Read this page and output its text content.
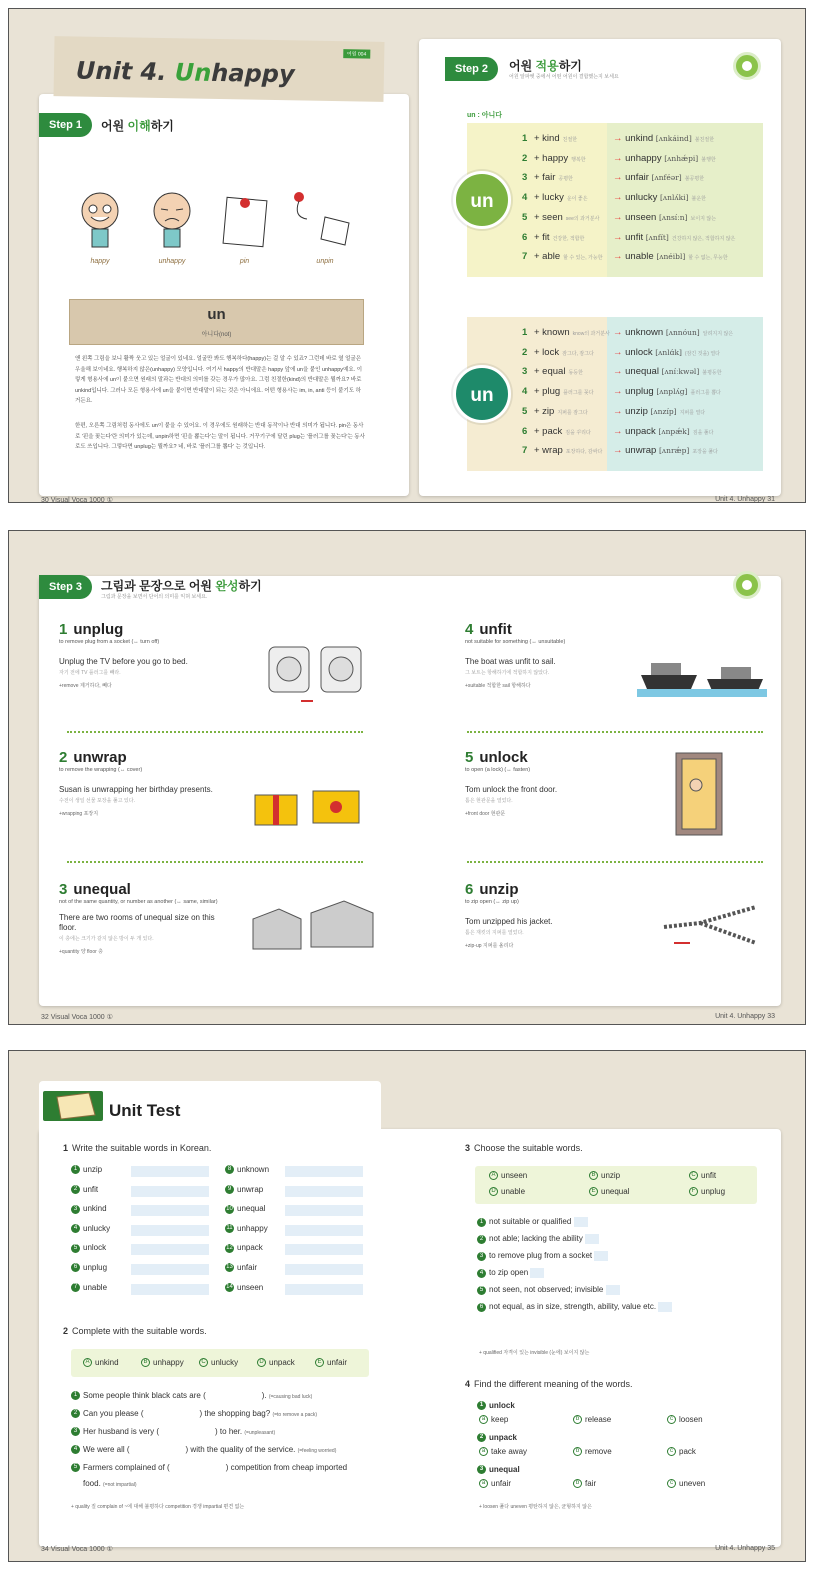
Unit 4. Unhappy
어원 004
Step 1	어원 이해하기
happy	unhappy	pin	unpin
un
아니다(not)
앤 왼쪽 그림을 보니 활짝 웃고 있는 얼굴이 있네요. 얼굴만 봐도 행복하다(happy)는 걸 알 수 있죠? 그런데 바로 옆 얼굴은 우울해 보이네요. 행복하지 않은(unhappy) 모양입니다. 여기서 happy의 반대말은 happy 앞에 un을 붙인 unhappy예요. 이렇게 형용사에 un이 붙으면 원래의 말과는 반대의 의미를 갖는 경우가 많아요. 그럼 친절한(kind)의 반대말은 뭘까요? 바로 unkind입니다. 그러나 모든 형용사에 un을 붙이면 반대말이 되는 것은 아니에요. 어떤 형용사는 im, in, anti 등이 붙기도 하거든요.
한편, 오른쪽 그림처럼 동사에도 un이 붙을 수 있어요. 이 경우에도 원래하는 반대 동작이나 반대 의미가 됩니다. pin은 동사로 '핀을 꽂는다'란 의미가 있는데, unpin하면 '핀을 뽑는다'는 말이 됩니다. 거꾸기구에 달린 plug는 '플러그를 꽂는다'는 동사로도 쓰입니다. 그렇다면 unplug는 뭘까요? 네, 바로 '플러그를 뽑다' 는 것입니다.
Step 2	어원 적용하기
어원 알파벳 중에서 어떤 어원이 결합했는지 보세요
un : 아니다
un
1 + kind 친절한	→ unkind [ʌnkáind] 불친절한
2 + happy 행복한	→ unhappy [ʌnhǽpi] 불행한
3 + fair 공평한	→ unfair [ʌnféər] 불공평한
4 + lucky 운이 좋은	→ unlucky [ʌnlʌ́ki] 불운한
5 + seen see의 과거분사 → unseen [ʌnsíːn] 보이지 않는
6 + fit 건강한, 적합한	→ unfit [ʌnfít] 건강하지 않은, 적합하지 않은
7 + able 할 수 있는, 가능한 → unable [ʌnéibl] 할 수 없는, 무능한
un
1 + known know의 과거분사 → unknown [ʌnnóun] 알려지지 않은
2 + lock 잠그다, 잠그다 → unlock [ʌnlɑ́k] (잠긴 것을) 열다
3 + equal 동등한	→ unequal [ʌníːkwəl] 불평등한
4 + plug 플러그를 꽂다 → unplug [ʌnplʌ́g] 플러그를 뽑다
5 + zip 지퍼를 잠그다	→ unzip [ʌnzíp] 지퍼를 열다
6 + pack 짐을 꾸리다 → unpack [ʌnpǽk] 짐을 풀다
7 + wrap 포장하다, 감싸다 → unwrap [ʌnrǽp] 포장을 풀다
30 Visual Voca 1000 ①	Unit 4. Unhappy 31
Step 3	그림과 문장으로 어원 완성하기
그림과 문장을 보면서 단어의 의미를 익혀 보세요.
1 unplug
to remove plug from a socket (↔ turn off)
Unplug the TV before you go to bed.
자기 전에 TV 플러그를 빼라.
+remove 제거하다, 빼다
2 unwrap
to remove the wrapping (↔ cover)
Susan is unwrapping her birthday presents.
수전이 생일 선물 포장을 풀고 있다.
+wrapping 포장지
3 unequal
not of the same quantity, or number as another (↔ same, similar)
There are two rooms of unequal size on this floor.
이 층에는 크기가 같지 않은 방이 두 개 있다.
+quantity 양 floor 층
4 unfit
not suitable for something (↔ unsuitable)
The boat was unfit to sail.
그 보트는 항해하기에 적합하지 않았다.
+suitable 적합한 sail 항해하다
5 unlock
to open (a lock) (↔ fasten)
Tom unlock the front door.
톰은 현관문을 열었다.
+front door 현관문
6 unzip
to zip open (↔ zip up)
Tom unzipped his jacket.
톰은 재킷의 지퍼를 열었다.
+zip-up 지퍼를 올리다
32 Visual Voca 1000 ①	Unit 4. Unhappy 33
Unit Test
1 Write the suitable words in Korean.
1 unzip
2 unfit
3 unkind
4 unlucky
5 unlock
6 unplug
7 unable
8 unknown
9 unwrap
10 unequal
11 unhappy
12 unpack
13 unfair
14 unseen
2 Complete with the suitable words.
A unkind	B unhappy	C unlucky	D unpack	E unfair
1 Some people think black cats are (	). (=causing bad luck)
2 Can you please (	) the shopping bag? (=to remove a pack)
3 Her husband is very (	) to her. (=unpleasant)
4 We were all (	) with the quality of the service. (=feeling worried)
5 Farmers complained of (	) competition from cheap imported
food. (=not impartial)
+ quality 질 complain of ~에 대해 불평하다 competition 경쟁 impartial 편견 없는
3 Choose the suitable words.
A unseen	B unzip	C unfit
D unable	E unequal	F unplug
1 not suitable or qualified
2 not able; lacking the ability
3 to remove plug from a socket
4 to zip open
5 not seen, not observed; invisible
6 not equal, as in size, strength, ability, value etc.
+ qualified 자격이 있는 invisible (눈에) 보이지 않는
4 Find the different meaning of the words.
1 unlock
a keep	b release	c loosen
2 unpack
a take away	b remove	c pack
3 unequal
a unfair	b fair	c uneven
+ loosen 풀다 uneven 평탄하지 않은, 균형하지 않은
34 Visual Voca 1000 ①	Unit 4. Unhappy 35
